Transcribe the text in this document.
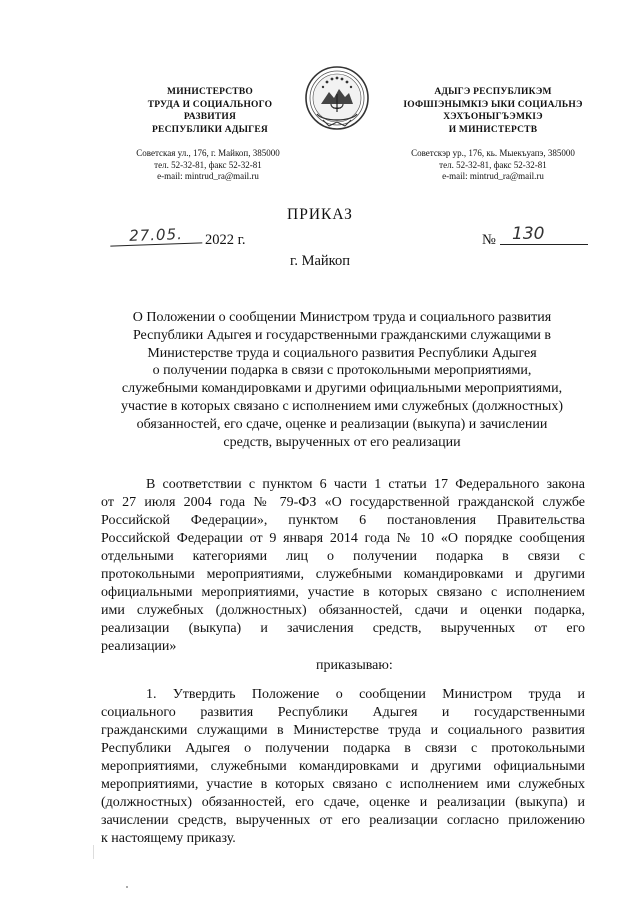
МИНИСТЕРСТВО
ТРУДА И СОЦИАЛЬНОГО
РАЗВИТИЯ
РЕСПУБЛИКИ АДЫГЕЯ
АДЫГЭ РЕСПУБЛИКЭМ
ІОФШІЭНЫМКІЭ ЫКИ СОЦИАЛЬНЭ
ХЭХЪОНЫГЪЭМКІЭ
И МИНИСТЕРСТВ
Советская ул., 176, г. Майкоп, 385000
тел. 52-32-81, факс 52-32-81
e-mail: mintrud_ra@mail.ru
Советскэр ур., 176, кь. Мыекъуапэ, 385000
тел. 52-32-81, факс 52-32-81
e-mail: mintrud_ra@mail.ru
ПРИКАЗ
27.05.	2022 г.	№ 130
г. Майкоп
О Положении о сообщении Министром труда и социального развития
Республики Адыгея и государственными гражданскими служащими в
Министерстве труда и социального развития Республики Адыгея
о получении подарка в связи с протокольными мероприятиями,
служебными командировками и другими официальными мероприятиями,
участие в которых связано с исполнением ими служебных (должностных)
обязанностей, его сдаче, оценке и реализации (выкупа) и зачислении
средств, вырученных от его реализации
В соответствии с пунктом 6 части 1 статьи 17 Федерального закона
от 27 июля 2004 года № 79-ФЗ «О государственной гражданской службе
Российской Федерации», пунктом 6 постановления Правительства
Российской Федерации от 9 января 2014 года № 10 «О порядке сообщения
отдельными категориями лиц о получении подарка в связи с
протокольными мероприятиями, служебными командировками и другими
официальными мероприятиями, участие в которых связано с исполнением
ими служебных (должностных) обязанностей, сдачи и оценки подарка,
реализации (выкупа) и зачисления средств, вырученных от его
реализации»
приказываю:
1. Утвердить Положение о сообщении Министром труда и
социального развития Республики Адыгея и государственными
гражданскими служащими в Министерстве труда и социального развития
Республики Адыгея о получении подарка в связи с протокольными
мероприятиями, служебными командировками и другими официальными
мероприятиями, участие в которых связано с исполнением ими служебных
(должностных) обязанностей, его сдаче, оценке и реализации (выкупа) и
зачислении средств, вырученных от его реализации согласно приложению
к настоящему приказу.
